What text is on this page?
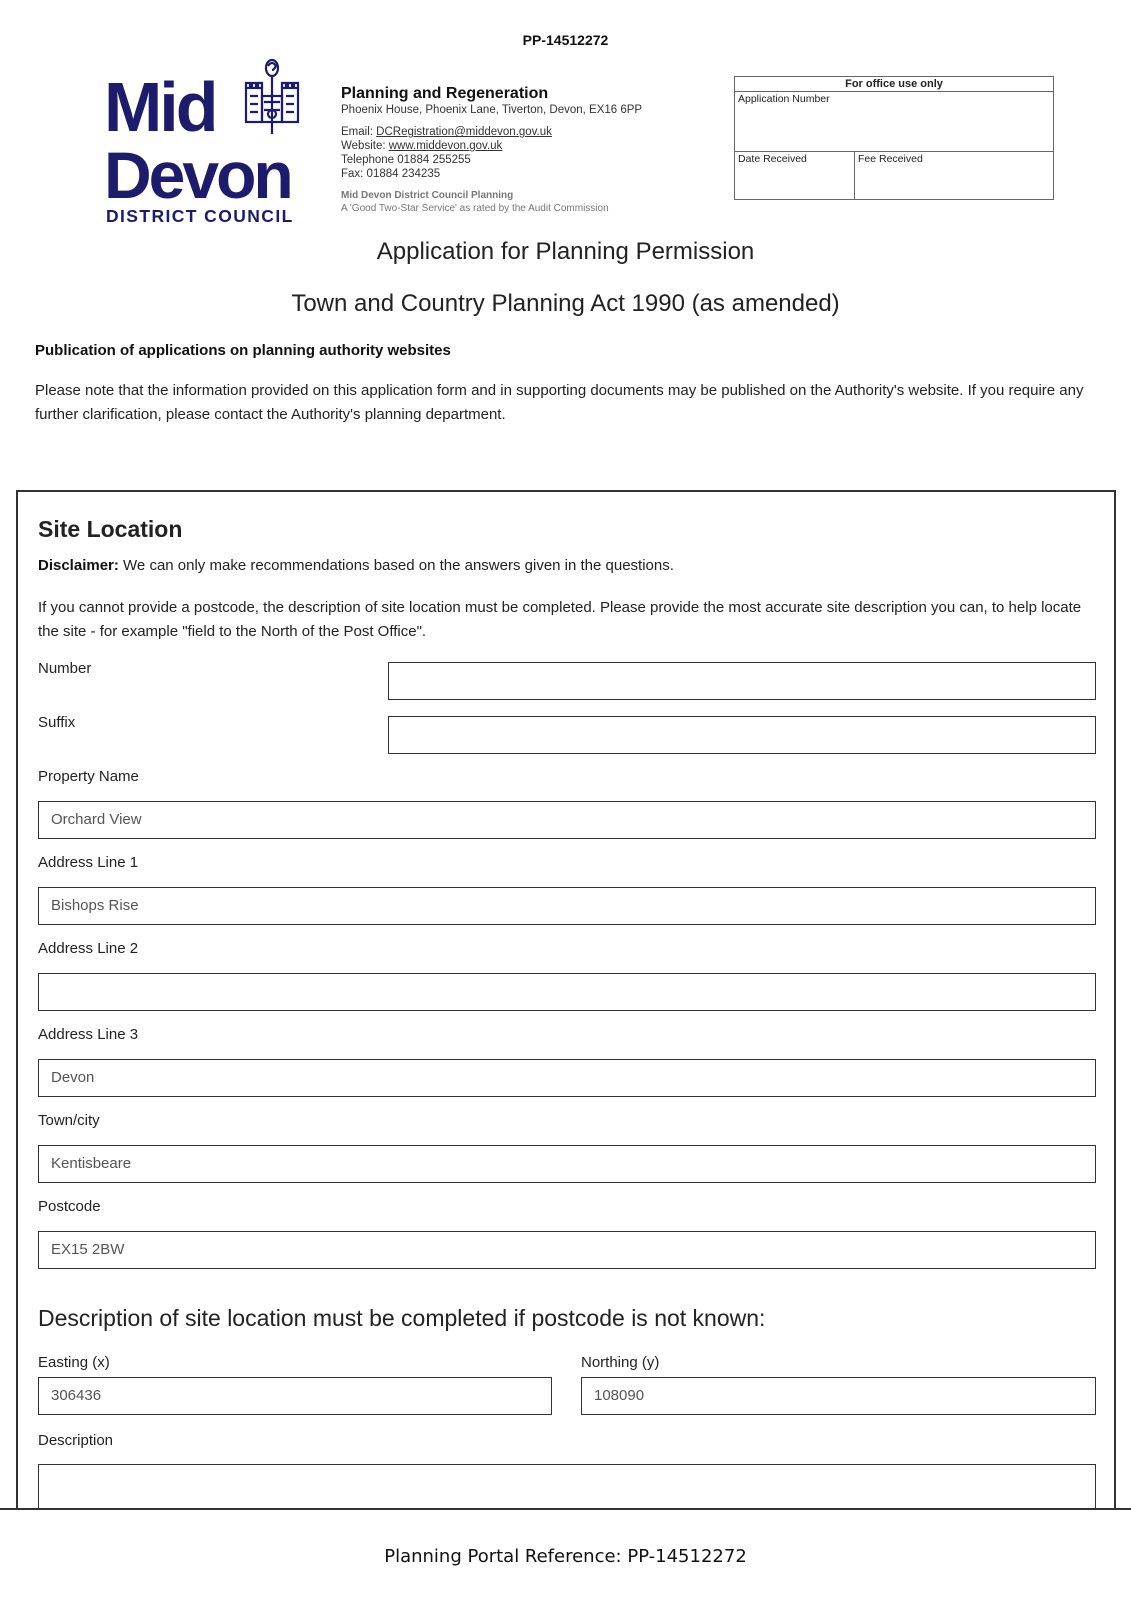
PP-14512272
Mid
Devon
DISTRICT COUNCIL
Planning and Regeneration
Phoenix House, Phoenix Lane, Tiverton, Devon, EX16 6PP
Email: DCRegistration@middevon.gov.uk
Website: www.middevon.gov.uk
Telephone 01884 255255
Fax: 01884 234235
Mid Devon District Council Planning
A 'Good Two-Star Service' as rated by the Audit Commission
For office use only
Application Number
Date Received	Fee Received
Application for Planning Permission
Town and Country Planning Act 1990 (as amended)
Publication of applications on planning authority websites
Please note that the information provided on this application form and in supporting documents may be published on the Authority's website. If you require any further clarification, please contact the Authority's planning department.
Site Location
Disclaimer: We can only make recommendations based on the answers given in the questions.
If you cannot provide a postcode, the description of site location must be completed. Please provide the most accurate site description you can, to help locate the site - for example "field to the North of the Post Office".
Number
Suffix
Property Name
Orchard View
Address Line 1
Bishops Rise
Address Line 2
Address Line 3
Devon
Town/city
Kentisbeare
Postcode
EX15 2BW
Description of site location must be completed if postcode is not known:
Easting (x)
306436
Northing (y)
108090
Description
Planning Portal Reference: PP-14512272
